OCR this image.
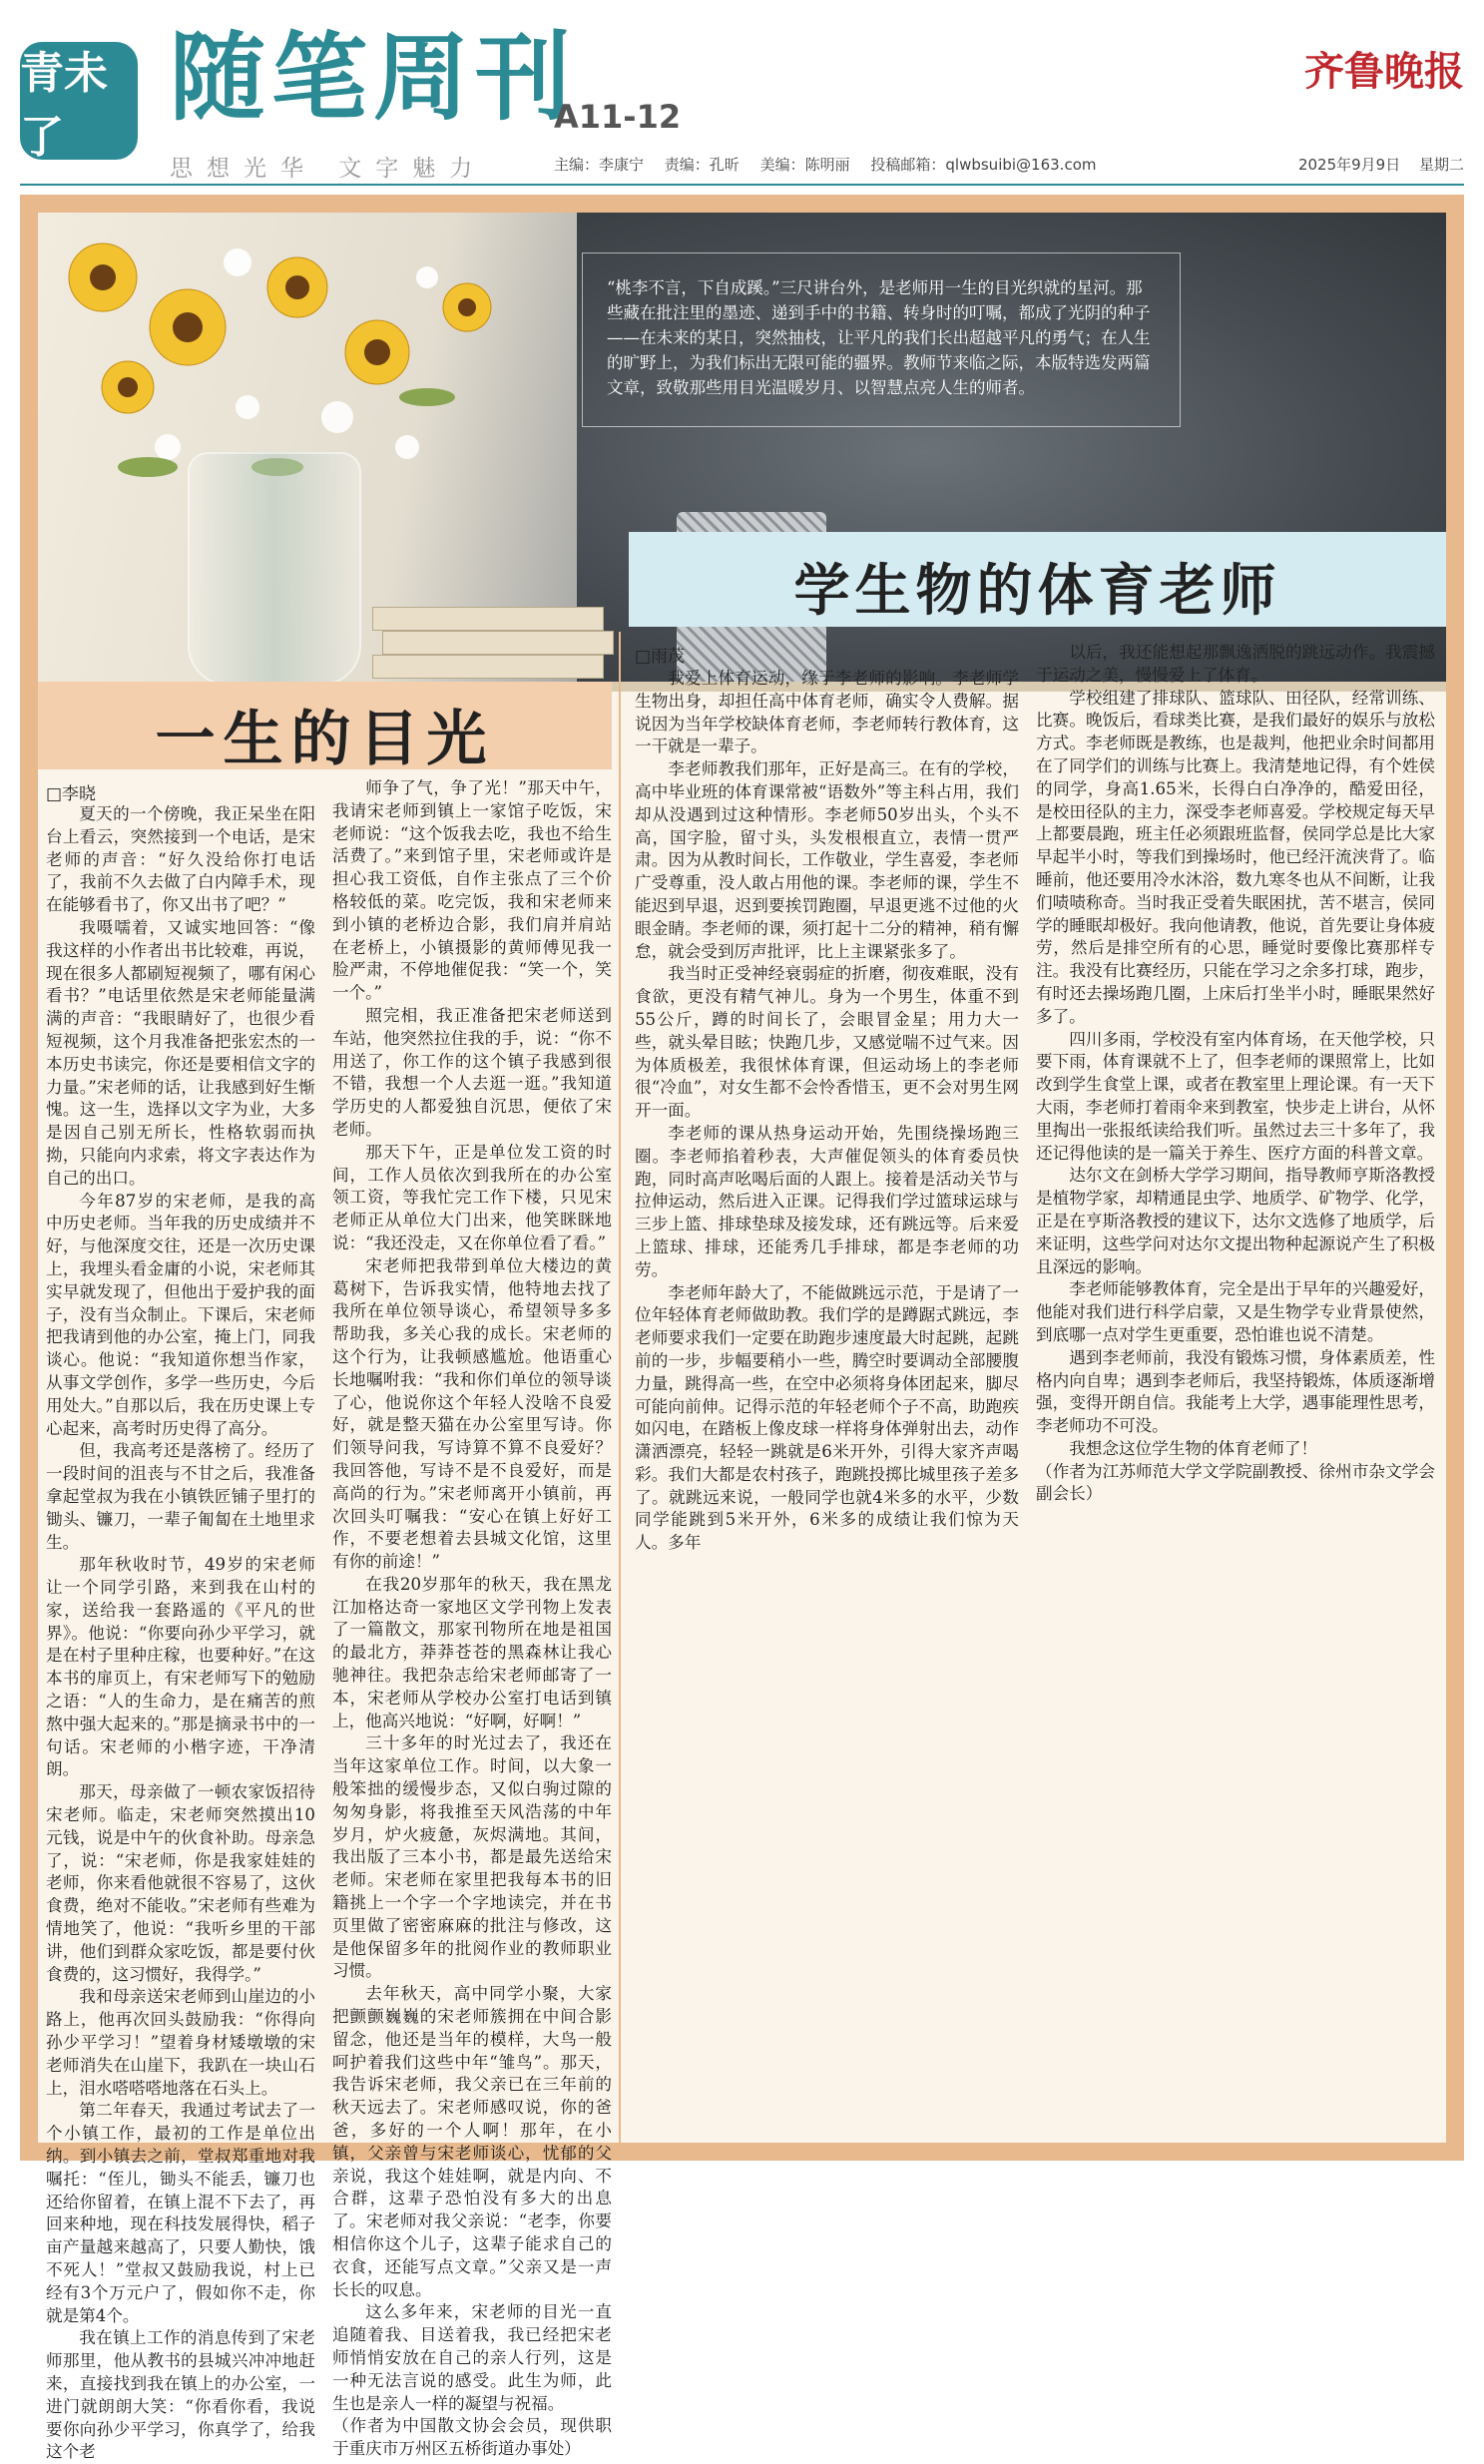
青未了
随笔周刊
A11-12
齐鲁晚报
思想光华 文字魅力	主编：李康宁 责编：孔昕 美编：陈明丽 投稿邮箱：qlwbsuibi@163.com	2025年9月9日 星期二
“桃李不言，下自成蹊。”三尺讲台外，是老师用一生的目光织就的星河。那些藏在批注里的墨迹、递到手中的书籍、转身时的叮嘱，都成了光阴的种子——在未来的某日，突然抽枝，让平凡的我们长出超越平凡的勇气；在人生的旷野上，为我们标出无限可能的疆界。教师节来临之际，本版特选发两篇文章，致敬那些用目光温暖岁月、以智慧点亮人生的师者。
学生物的体育老师
一生的目光
□李晓

夏天的一个傍晚，我正呆坐在阳台上看云，突然接到一个电话，是宋老师的声音：“好久没给你打电话了，我前不久去做了白内障手术，现在能够看书了，你又出书了吧？”

我嗫嚅着，又诚实地回答：“像我这样的小作者出书比较难，再说，现在很多人都刷短视频了，哪有闲心看书？”电话里依然是宋老师能量满满的声音：“我眼睛好了，也很少看短视频，这个月我准备把张宏杰的一本历史书读完，你还是要相信文字的力量。”宋老师的话，让我感到好生惭愧。这一生，选择以文字为业，大多是因自己别无所长，性格软弱而执拗，只能向内求索，将文字表达作为自己的出口。

今年87岁的宋老师，是我的高中历史老师。当年我的历史成绩并不好，与他深度交往，还是一次历史课上，我埋头看金庸的小说，宋老师其实早就发现了，但他出于爱护我的面子，没有当众制止。下课后，宋老师把我请到他的办公室，掩上门，同我谈心。他说：“我知道你想当作家，从事文学创作，多学一些历史，今后用处大。”自那以后，我在历史课上专心起来，高考时历史得了高分。

但，我高考还是落榜了。经历了一段时间的沮丧与不甘之后，我准备拿起堂叔为我在小镇铁匠铺子里打的锄头、镰刀，一辈子匍匐在土地里求生。

那年秋收时节，49岁的宋老师让一个同学引路，来到我在山村的家，送给我一套路遥的《平凡的世界》。他说：“你要向孙少平学习，就是在村子里种庄稼，也要种好。”在这本书的扉页上，有宋老师写下的勉励之语：“人的生命力，是在痛苦的煎熬中强大起来的。”那是摘录书中的一句话。宋老师的小楷字迹，干净清朗。

那天，母亲做了一顿农家饭招待宋老师。临走，宋老师突然摸出10元钱，说是中午的伙食补助。母亲急了，说：“宋老师，你是我家娃娃的老师，你来看他就很不容易了，这伙食费，绝对不能收。”宋老师有些难为情地笑了，他说：“我听乡里的干部讲，他们到群众家吃饭，都是要付伙食费的，这习惯好，我得学。”

我和母亲送宋老师到山崖边的小路上，他再次回头鼓励我：“你得向孙少平学习！”望着身材矮墩墩的宋老师消失在山崖下，我趴在一块山石上，泪水嗒嗒嗒地落在石头上。

第二年春天，我通过考试去了一个小镇工作，最初的工作是单位出纳。到小镇去之前，堂叔郑重地对我嘱托：“侄儿，锄头不能丢，镰刀也还给你留着，在镇上混不下去了，再回来种地，现在科技发展得快，稻子亩产量越来越高了，只要人勤快，饿不死人！”堂叔又鼓励我说，村上已经有3个万元户了，假如你不走，你就是第4个。

我在镇上工作的消息传到了宋老师那里，他从教书的县城兴冲冲地赶来，直接找到我在镇上的办公室，一进门就朗朗大笑：“你看你看，我说要你向孙少平学习，你真学了，给我这个老

师争了气，争了光！”那天中午，我请宋老师到镇上一家馆子吃饭，宋老师说：“这个饭我去吃，我也不给生活费了。”来到馆子里，宋老师或许是担心我工资低，自作主张点了三个价格较低的菜。吃完饭，我和宋老师来到小镇的老桥边合影，我们肩并肩站在老桥上，小镇摄影的黄师傅见我一脸严肃，不停地催促我：“笑一个，笑一个。”

照完相，我正准备把宋老师送到车站，他突然拉住我的手，说：“你不用送了，你工作的这个镇子我感到很不错，我想一个人去逛一逛。”我知道学历史的人都爱独自沉思，便依了宋老师。

那天下午，正是单位发工资的时间，工作人员依次到我所在的办公室领工资，等我忙完工作下楼，只见宋老师正从单位大门出来，他笑眯眯地说：“我还没走，又在你单位看了看。”

宋老师把我带到单位大楼边的黄葛树下，告诉我实情，他特地去找了我所在单位领导谈心，希望领导多多帮助我，多关心我的成长。宋老师的这个行为，让我顿感尴尬。他语重心长地嘱咐我：“我和你们单位的领导谈了心，他说你这个年轻人没啥不良爱好，就是整天猫在办公室里写诗。你们领导问我，写诗算不算不良爱好？我回答他，写诗不是不良爱好，而是高尚的行为。”宋老师离开小镇前，再次回头叮嘱我：“安心在镇上好好工作，不要老想着去县城文化馆，这里有你的前途！”

在我20岁那年的秋天，我在黑龙江加格达奇一家地区文学刊物上发表了一篇散文，那家刊物所在地是祖国的最北方，莽莽苍苍的黑森林让我心驰神往。我把杂志给宋老师邮寄了一本，宋老师从学校办公室打电话到镇上，他高兴地说：“好啊，好啊！”

三十多年的时光过去了，我还在当年这家单位工作。时间，以大象一般笨拙的缓慢步态，又似白驹过隙的匆匆身影，将我推至天风浩荡的中年岁月，炉火疲惫，灰烬满地。其间，我出版了三本小书，都是最先送给宋老师。宋老师在家里把我每本书的旧籍挑上一个字一个字地读完，并在书页里做了密密麻麻的批注与修改，这是他保留多年的批阅作业的教师职业习惯。

去年秋天，高中同学小聚，大家把颤颤巍巍的宋老师簇拥在中间合影留念，他还是当年的模样，大鸟一般呵护着我们这些中年“雏鸟”。那天，我告诉宋老师，我父亲已在三年前的秋天远去了。宋老师感叹说，你的爸爸，多好的一个人啊！那年，在小镇，父亲曾与宋老师谈心，忧郁的父亲说，我这个娃娃啊，就是内向、不合群，这辈子恐怕没有多大的出息了。宋老师对我父亲说：“老李，你要相信你这个儿子，这辈子能求自己的衣食，还能写点文章。”父亲又是一声长长的叹息。

这么多年来，宋老师的目光一直追随着我、目送着我，我已经把宋老师悄悄安放在自己的亲人行列，这是一种无法言说的感受。此生为师，此生也是亲人一样的凝望与祝福。

（作者为中国散文协会会员，现供职于重庆市万州区五桥街道办事处）

□雨茂

我爱上体育运动，缘于李老师的影响。李老师学生物出身，却担任高中体育老师，确实令人费解。据说因为当年学校缺体育老师，李老师转行教体育，这一干就是一辈子。

李老师教我们那年，正好是高三。在有的学校，高中毕业班的体育课常被“语数外”等主科占用，我们却从没遇到过这种情形。李老师50岁出头，个头不高，国字脸，留寸头，头发根根直立，表情一贯严肃。因为从教时间长，工作敬业，学生喜爱，李老师广受尊重，没人敢占用他的课。李老师的课，学生不能迟到早退，迟到要挨罚跑圈，早退更逃不过他的火眼金睛。李老师的课，须打起十二分的精神，稍有懈怠，就会受到厉声批评，比上主课紧张多了。

我当时正受神经衰弱症的折磨，彻夜难眠，没有食欲，更没有精气神儿。身为一个男生，体重不到55公斤，蹲的时间长了，会眼冒金星；用力大一些，就头晕目眩；快跑几步，又感觉喘不过气来。因为体质极差，我很怵体育课，但运动场上的李老师很“冷血”，对女生都不会怜香惜玉，更不会对男生网开一面。

李老师的课从热身运动开始，先围绕操场跑三圈。李老师掐着秒表，大声催促领头的体育委员快跑，同时高声吆喝后面的人跟上。接着是活动关节与拉伸运动，然后进入正课。记得我们学过篮球运球与三步上篮、排球垫球及接发球，还有跳远等。后来爱上篮球、排球，还能秀几手排球，都是李老师的功劳。

李老师年龄大了，不能做跳远示范，于是请了一位年轻体育老师做助教。我们学的是蹲踞式跳远，李老师要求我们一定要在助跑步速度最大时起跳，起跳前的一步，步幅要稍小一些，腾空时要调动全部腰腹力量，跳得高一些，在空中必须将身体团起来，脚尽可能向前伸。记得示范的年轻老师个子不高，助跑疾如闪电，在踏板上像皮球一样将身体弹射出去，动作潇洒漂亮，轻轻一跳就是6米开外，引得大家齐声喝彩。我们大都是农村孩子，跑跳投掷比城里孩子差多了。就跳远来说，一般同学也就4米多的水平，少数同学能跳到5米开外，6米多的成绩让我们惊为天人。多年

以后，我还能想起那飘逸洒脱的跳远动作。我震撼于运动之美，慢慢爱上了体育。

学校组建了排球队、篮球队、田径队，经常训练、比赛。晚饭后，看球类比赛，是我们最好的娱乐与放松方式。李老师既是教练，也是裁判，他把业余时间都用在了同学们的训练与比赛上。我清楚地记得，有个姓侯的同学，身高1.65米，长得白白净净的，酷爱田径，是校田径队的主力，深受李老师喜爱。学校规定每天早上都要晨跑，班主任必须跟班监督，侯同学总是比大家早起半小时，等我们到操场时，他已经汗流浃背了。临睡前，他还要用冷水沐浴，数九寒冬也从不间断，让我们啧啧称奇。当时我正受着失眠困扰，苦不堪言，侯同学的睡眠却极好。我向他请教，他说，首先要让身体疲劳，然后是排空所有的心思，睡觉时要像比赛那样专注。我没有比赛经历，只能在学习之余多打球，跑步，有时还去操场跑几圈，上床后打坐半小时，睡眠果然好多了。

四川多雨，学校没有室内体育场，在天他学校，只要下雨，体育课就不上了，但李老师的课照常上，比如改到学生食堂上课，或者在教室里上理论课。有一天下大雨，李老师打着雨伞来到教室，快步走上讲台，从怀里掏出一张报纸读给我们听。虽然过去三十多年了，我还记得他读的是一篇关于养生、医疗方面的科普文章。

达尔文在剑桥大学学习期间，指导教师亨斯洛教授是植物学家，却精通昆虫学、地质学、矿物学、化学，正是在亨斯洛教授的建议下，达尔文选修了地质学，后来证明，这些学问对达尔文提出物种起源说产生了积极且深远的影响。

李老师能够教体育，完全是出于早年的兴趣爱好，他能对我们进行科学启蒙，又是生物学专业背景使然，到底哪一点对学生更重要，恐怕谁也说不清楚。

遇到李老师前，我没有锻炼习惯，身体素质差，性格内向自卑；遇到李老师后，我坚持锻炼，体质逐渐增强，变得开朗自信。我能考上大学，遇事能理性思考，李老师功不可没。

我想念这位学生物的体育老师了！

（作者为江苏师范大学文学院副教授、徐州市杂文学会副会长）
